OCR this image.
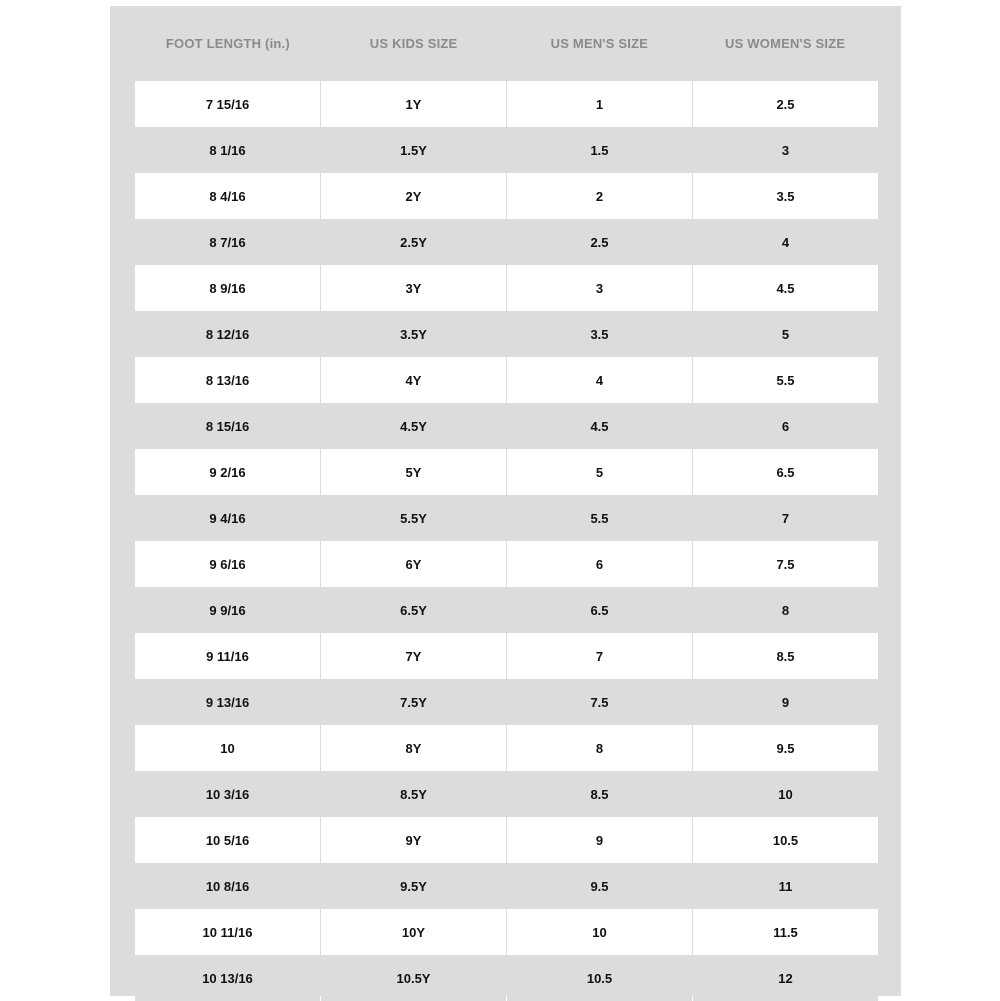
FOOT LENGTH (in.)	US KIDS SIZE	US MEN'S SIZE	US WOMEN'S SIZE
7 15/16	1Y	1	2.5
8 1/16	1.5Y	1.5	3
8 4/16	2Y	2	3.5
8 7/16	2.5Y	2.5	4
8 9/16	3Y	3	4.5
8 12/16	3.5Y	3.5	5
8 13/16	4Y	4	5.5
8 15/16	4.5Y	4.5	6
9 2/16	5Y	5	6.5
9 4/16	5.5Y	5.5	7
9 6/16	6Y	6	7.5
9 9/16	6.5Y	6.5	8
9 11/16	7Y	7	8.5
9 13/16	7.5Y	7.5	9
10	8Y	8	9.5
10 3/16	8.5Y	8.5	10
10 5/16	9Y	9	10.5
10 8/16	9.5Y	9.5	11
10 11/16	10Y	10	11.5
10 13/16	10.5Y	10.5	12
